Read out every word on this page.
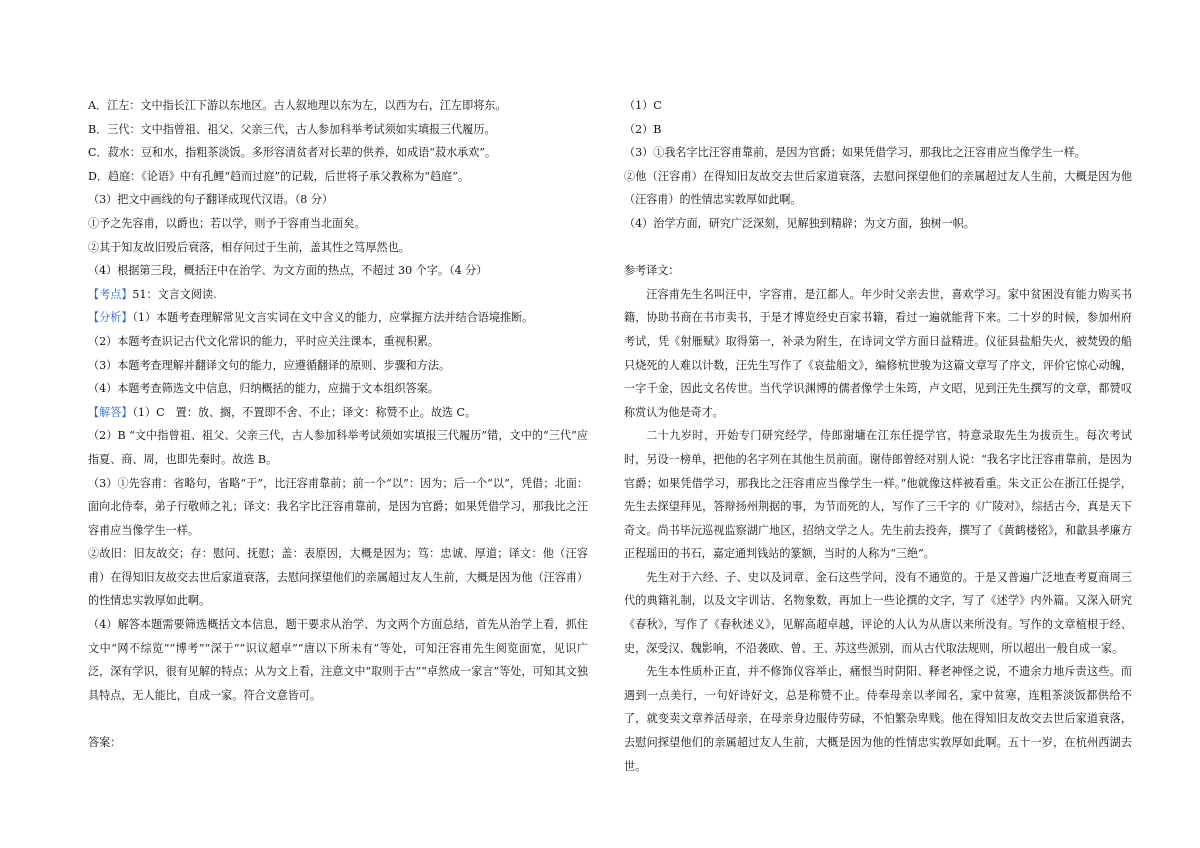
A．江左：文中指长江下游以东地区。古人叙地理以东为左，以西为右，江左即将东。

B．三代：文中指曾祖、祖父、父亲三代，古人参加科举考试须如实填报三代履历。

C．菽水：豆和水，指粗茶淡饭。多形容清贫者对长辈的供养，如成语“菽水承欢”。

D．趋庭：《论语》中有孔鲤“趋而过庭”的记载，后世将子承父教称为“趋庭”。

（3）把文中画线的句子翻译成现代汉语。（8 分）

①予之先容甫，以爵也；若以学，则予于容甫当北面矣。

②其于知友故旧殁后衰落，相存问过于生前，盖其性之笃厚然也。

（4）根据第三段，概括汪中在治学、为文方面的热点，不超过 30 个字。（4 分）

【考点】51：文言文阅读.

【分析】（1）本题考查理解常见文言实词在文中含义的能力，应掌握方法并结合语境推断。

（2）本题考查识记古代文化常识的能力，平时应关注课本，重视积累。

（3）本题考查理解并翻译文句的能力，应遵循翻译的原则、步骤和方法。

（4）本题考查筛选文中信息，归纳概括的能力，应揣于文本组织答案。

【解答】（1）C　置：放、搁，不置即不舍、不止；译文：称赞不止。故选 C。

（2）B “文中指曾祖、祖父、父亲三代，古人参加科举考试须如实填报三代履历”错，文中的“三代”应指夏、商、周，也即先秦时。故选 B。

（3）①先容甫：省略句，省略“于”，比汪容甫靠前；前一个“以”：因为；后一个“以”，凭借；北面：面向北侍奉，弟子行敬师之礼；译文：我名字比汪容甫靠前，是因为官爵；如果凭借学习，那我比之汪容甫应当像学生一样。

②故旧：旧友故交；存：慰问、抚慰；盖：表原因，大概是因为；笃：忠诚、厚道；译文：他（汪容甫）在得知旧友故交去世后家道衰落，去慰问探望他们的亲属超过友人生前，大概是因为他（汪容甫）的性情忠实敦厚如此啊。

（4）解答本题需要筛选概括文本信息，题干要求从治学、为文两个方面总结，首先从治学上看，抓住文中“网不综览”“博考”“深于”“识议超卓”“唐以下所未有”等处，可知汪容甫先生阅览面宽，见识广泛，深有学识，很有见解的特点；从为文上看，注意文中“取则于古”“卓然成一家言”等处，可知其文独具特点，无人能比，自成一家。符合文意皆可。

答案：

（1）C

（2）B

（3）①我名字比汪容甫靠前，是因为官爵；如果凭借学习，那我比之汪容甫应当像学生一样。

②他（汪容甫）在得知旧友故交去世后家道衰落，去慰问探望他们的亲属超过友人生前，大概是因为他（汪容甫）的性情忠实敦厚如此啊。

（4）治学方面，研究广泛深刻，见解独到精辟；为文方面，独树一帜。

参考译文：

汪容甫先生名叫汪中，字容甫，是江都人。年少时父亲去世，喜欢学习。家中贫困没有能力购买书籍，协助书商在书市卖书，于是才博览经史百家书籍，看过一遍就能背下来。二十岁的时候，参加州府考试，凭《射雁赋》取得第一，补录为附生，在诗词文学方面日益精进。仪征县盐船失火，被焚毁的船只烧死的人难以计数，汪先生写作了《哀盐船文》，编修杭世骏为这篇文章写了序文，评价它惊心动魄，一字千金，因此文名传世。当代学识渊博的儒者像学士朱筠，卢文昭，见到汪先生撰写的文章，都赞叹称赏认为他是奇才。

二十九岁时，开始专门研究经学，侍郎谢墉在江东任提学官，特意录取先生为拔贡生。每次考试时，另设一榜单，把他的名字列在其他生员前面。谢侍郎曾经对别人说：“我名字比汪容甫靠前，是因为官爵；如果凭借学习，那我比之汪容甫应当像学生一样。”他就像这样被看重。朱文正公在浙江任提学，先生去探望拜见，答辩扬州荆据的事，为节而死的人，写作了三千字的《广陵对》，综括古今，真是天下奇文。尚书毕沅巡视监察湖广地区，招纳文学之人。先生前去投奔，撰写了《黄鹤楼铭》，和歙县孝廉方正程瑶田的书石，嘉定通判钱站的篆额，当时的人称为“三绝”。

先生对于六经、子、史以及词章、金石这些学问，没有不通览的。于是又普遍广泛地查考夏商周三代的典籍礼制，以及文字训诂、名物象数，再加上一些论撰的文字，写了《述学》内外篇。又深入研究《春秋》，写作了《春秋述义》，见解高超卓越，评论的人认为从唐以来所没有。写作的文章植根于经、史，深受汉、魏影响，不沿袭欧、曾、王、苏这些派别，而从古代取法规则，所以超出一般自成一家。

先生本性质朴正直，并不修饰仪容举止，痛恨当时阴阳、释老神怪之说，不遗余力地斥责这些。而遇到一点美行，一句好诗好文，总是称赞不止。侍奉母亲以孝闻名，家中贫寒，连粗茶淡饭都供给不了，就变卖文章养活母亲，在母亲身边服侍劳碌，不怕繁杂卑贱。他在得知旧友故交去世后家道衰落，去慰问探望他们的亲属超过友人生前，大概是因为他的性情忠实敦厚如此啊。五十一岁，在杭州西湖去世。
